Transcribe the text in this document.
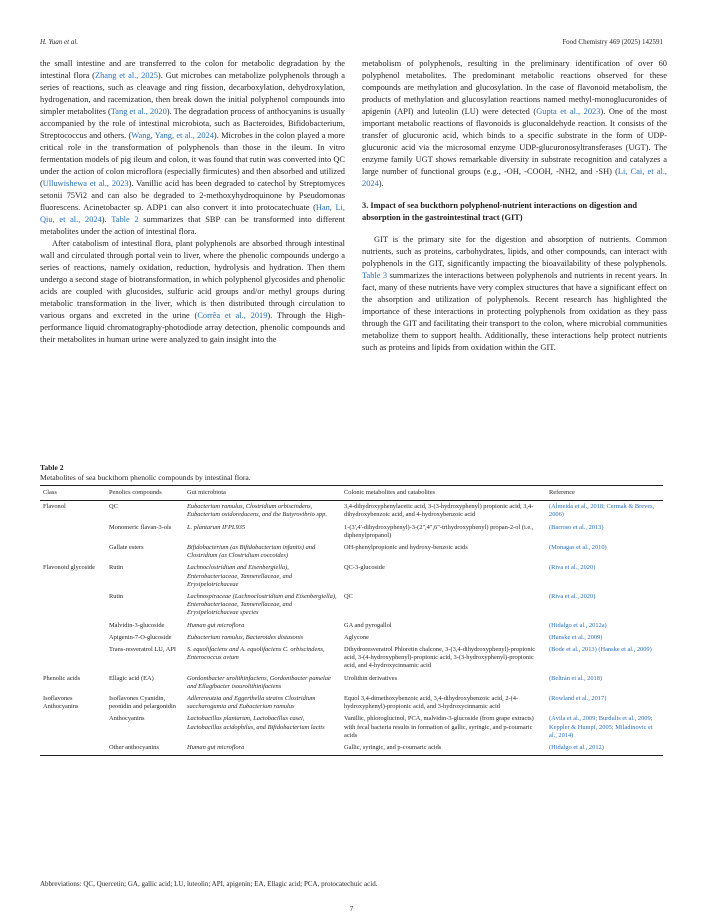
H. Yuan et al.	Food Chemistry 469 (2025) 142591

the small intestine and are transferred to the colon for metabolic degradation by the intestinal flora (Zhang et al., 2025). Gut microbes can metabolize polyphenols through a series of reactions, such as cleavage and ring fission, decarboxylation, dehydroxylation, hydrogenation, and racemization, then break down the initial polyphenol compounds into simpler metabolites (Tang et al., 2020). The degradation process of anthocyanins is usually accompanied by the role of intestinal microbiota, such as Bacteroides, Bifidobacterium, Streptococcus and others. (Wang, Yang, et al., 2024). Microbes in the colon played a more critical role in the transformation of polyphenols than those in the ileum. In vitro fermentation models of pig ileum and colon, it was found that rutin was converted into QC under the action of colon microflora (especially firmicutes) and then absorbed and utilized (Ulluwishewa et al., 2023). Vanillic acid has been degraded to catechol by Streptomyces setonii 75Vi2 and can also be degraded to 2-methoxyhydroquinone by Pseudomonas fluorescens. Acinetobacter sp. ADP1 can also convert it into protocatechuate (Han, Li, Qiu, et al., 2024). Table 2 summarizes that SBP can be transformed into different metabolites under the action of intestinal flora.

After catabolism of intestinal flora, plant polyphenols are absorbed through intestinal wall and circulated through portal vein to liver, where the phenolic compounds undergo a series of reactions, namely oxidation, reduction, hydrolysis and hydration. Then them undergo a second stage of biotransformation, in which polyphenol glycosides and phenolic acids are coupled with glucosides, sulfuric acid groups and/or methyl groups during metabolic transformation in the liver, which is then distributed through circulation to various organs and excreted in the urine (Corrêa et al., 2019). Through the High-performance liquid chromatography-photodiode array detection, phenolic compounds and their metabolites in human urine were analyzed to gain insight into the

metabolism of polyphenols, resulting in the preliminary identification of over 60 polyphenol metabolites. The predominant metabolic reactions observed for these compounds are methylation and glucosylation. In the case of flavonoid metabolism, the products of methylation and glucosylation reactions named methyl-monoglucuronides of apigenin (API) and luteolin (LU) were detected (Gupta et al., 2023). One of the most important metabolic reactions of flavonoids is gluconaldehyde reaction. It consists of the transfer of glucuronic acid, which binds to a specific substrate in the form of UDP-glucuronic acid via the microsomal enzyme UDP-glucuronosyltransferases (UGT). The enzyme family UGT shows remarkable diversity in substrate recognition and catalyzes a large number of functional groups (e.g., -OH, -COOH, -NH2, and -SH) (Li, Cai, et al., 2024).

3. Impact of sea buckthorn polyphenol-nutrient interactions on digestion and absorption in the gastrointestinal tract (GIT)

GIT is the primary site for the digestion and absorption of nutrients. Common nutrients, such as proteins, carbohydrates, lipids, and other compounds, can interact with polyphenols in the GIT, significantly impacting the bioavailability of these polyphenols. Table 3 summarizes the interactions between polyphenols and nutrients in recent years. In fact, many of these nutrients have very complex structures that have a significant effect on the absorption and utilization of polyphenols. Recent research has highlighted the importance of these interactions in protecting polyphenols from oxidation as they pass through the GIT and facilitating their transport to the colon, where microbial communities metabolize them to support health. Additionally, these interactions help protect nutrients such as proteins and lipids from oxidation within the GIT.

Table 2
Metabolites of sea buckthorn phenolic compounds by intestinal flora.
Class	Penolics compounds	Gut microbiota	Colonic metabolites and catabolites	Reference
Flavonol	QC	Eubacterium ramulus, Clostridium orbiscindens, Eubacterium oxidoreducens, and the Butyrovibrio spp.	3,4-dihydroxyphenylacetic acid, 3-(3-hydroxyphenyl) propionic acid, 3,4-dihydroxybenzoic acid, and 4-hydroxybenzoic acid	(Almeida et al., 2018; Cermak & Breves, 2006)
	Monomeric flavan-3-ols	L. plantarum IFPL935	1-(3',4'-dihydroxyphenyl)-3-(2",4",6"-trihydroxyphenyl) propan-2-ol (i.e., diphenylpropanol)	(Barroso et al., 2013)
	Gallate esters	Bifidobacterium (as Bifidobacterium infantis) and Clostridium (as Clostridium coccoides)	OH-phenylpropionic and hydroxy-benzoic acids	(Monagas et al., 2010)
Flavonoid glycoside	Rutin	Lachnoclostridium and Eisenbergiella), Enterobacteriaceae, Tannerellaceae, and Erysipelotrichaceae	QC-3-glucoside	(Riva et al., 2020)
	Rutin	Lachnospiraceae (Lachnoclostridium and Eisenbergiella), Enterobacteriaceae, Tannerellaceae, and Erysipelotrichaceae species	QC	(Riva et al., 2020)
	Malvidin-3-glucoside	Human gut microflora	GA and pyrogallol	(Hidalgo et al., 2012a)
	Apigenin-7-O-glucoside	Eubacterium ramulus, Bacteroides distasonis	Aglycone	(Hanske et al., 2009)
	Trans-resveratrol LU, API	S. equolifaciens and A. equolifaciens C. orbiscindens, Enterococcus avium	Dihydroresveratrol Phloretin chalcone, 3-(3,4-dihydroxyphenyl)-propionic acid, 3-(4-hydroxyphenyl)-propionic acid, 3-(3-hydroxyphenyl)-propionic acid, and 4-hydroxycinnamic acid	(Bode et al., 2013) (Hanske et al., 2009)
Phenolic acids	Ellagic acid (EA)	Gordonibacter urolithinfaciens, Gordonibacter pamelae and Ellagibacter isourolithinifaciens	Urolithin derivatives	(Beltrán et al., 2018)
Isoflavones Anthocyanins	Isoflavones Cyanidin, peonidin and pelargonidin	Adlercreutzia and Eggerthella strains Clostridium saccharogumia and Eubacterium ramulus	Equol 3,4-dimethoxybenzoic acid, 3,4-dihydroxybenzoic acid, 2-(4-hydroxyphenyl)-propionic acid, and 3-hydroxycinnamic acid	(Rowland et al., 2017)
	Anthocyanins	Lactobacillus plantarum, Lactobacillus casei, Lactobacillus acidophilus, and Bifidobacterium lactis	Vanillic, phloroglucinol, PCA, malvidin-3-glucoside (from grape extracts) with fecal bacteria results in formation of gallic, syringic, and p-coumaric acids	(Ávila et al., 2009; Burdulis et al., 2009; Keppler & Humpf, 2005; Miladinovic et al., 2014)
	Other anthocyanins	Human gut microflora	Gallic, syringic, and p-coumaric acids	(Hidalgo et al., 2012)
Abbreviations: QC, Quercetin; GA, gallic acid; LU, luteolin; API, apigenin; EA, Ellagic acid; PCA, protocatechuic acid.
7
